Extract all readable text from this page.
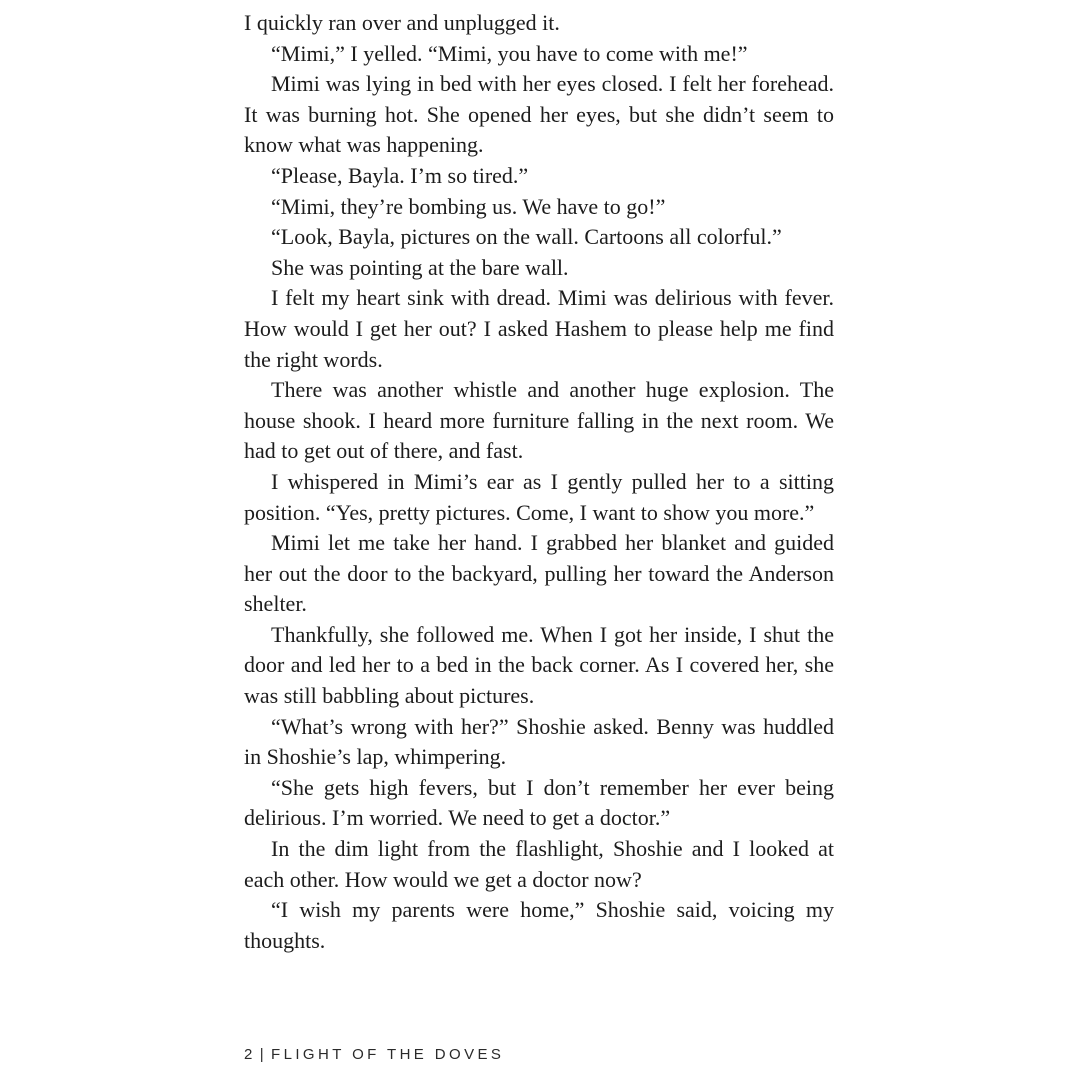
I quickly ran over and unplugged it.

“Mimi,” I yelled. “Mimi, you have to come with me!”

Mimi was lying in bed with her eyes closed. I felt her forehead. It was burning hot. She opened her eyes, but she didn’t seem to know what was happening.

“Please, Bayla. I’m so tired.”

“Mimi, they’re bombing us. We have to go!”

“Look, Bayla, pictures on the wall. Cartoons all colorful.”

She was pointing at the bare wall.

I felt my heart sink with dread. Mimi was delirious with fever. How would I get her out? I asked Hashem to please help me find the right words.

There was another whistle and another huge explosion. The house shook. I heard more furniture falling in the next room. We had to get out of there, and fast.

I whispered in Mimi’s ear as I gently pulled her to a sitting position. “Yes, pretty pictures. Come, I want to show you more.”

Mimi let me take her hand. I grabbed her blanket and guided her out the door to the backyard, pulling her toward the Anderson shelter.

Thankfully, she followed me. When I got her inside, I shut the door and led her to a bed in the back corner. As I covered her, she was still babbling about pictures.

“What’s wrong with her?” Shoshie asked. Benny was huddled in Shoshie’s lap, whimpering.

“She gets high fevers, but I don’t remember her ever being delirious. I’m worried. We need to get a doctor.”

In the dim light from the flashlight, Shoshie and I looked at each other. How would we get a doctor now?

“I wish my parents were home,” Shoshie said, voicing my thoughts.

2 | FLIGHT OF THE DOVES
